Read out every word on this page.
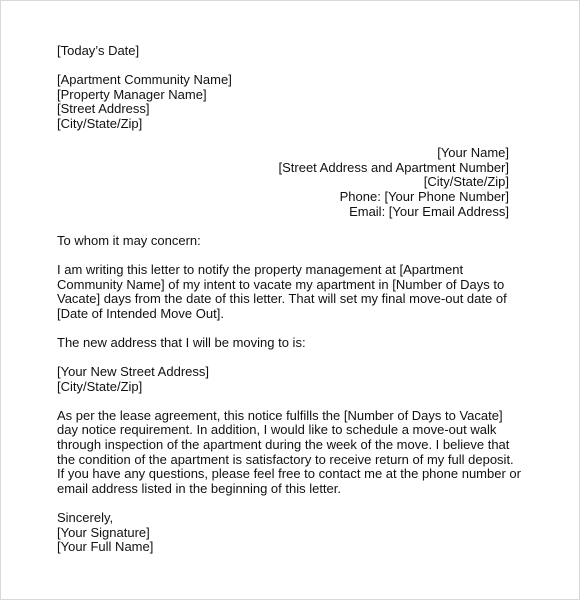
[Today’s Date]
[Apartment Community Name]
[Property Manager Name]
[Street Address]
[City/State/Zip]
[Your Name]
[Street Address and Apartment Number]
[City/State/Zip]
Phone: [Your Phone Number]
Email: [Your Email Address]
To whom it may concern:
I am writing this letter to notify the property management at [Apartment
Community Name] of my intent to vacate my apartment in [Number of Days to
Vacate] days from the date of this letter. That will set my final move-out date of
[Date of Intended Move Out].
The new address that I will be moving to is:
[Your New Street Address]
[City/State/Zip]
As per the lease agreement, this notice fulfills the [Number of Days to Vacate]
day notice requirement. In addition, I would like to schedule a move-out walk
through inspection of the apartment during the week of the move. I believe that
the condition of the apartment is satisfactory to receive return of my full deposit.
If you have any questions, please feel free to contact me at the phone number or
email address listed in the beginning of this letter.
Sincerely,
[Your Signature]
[Your Full Name]
